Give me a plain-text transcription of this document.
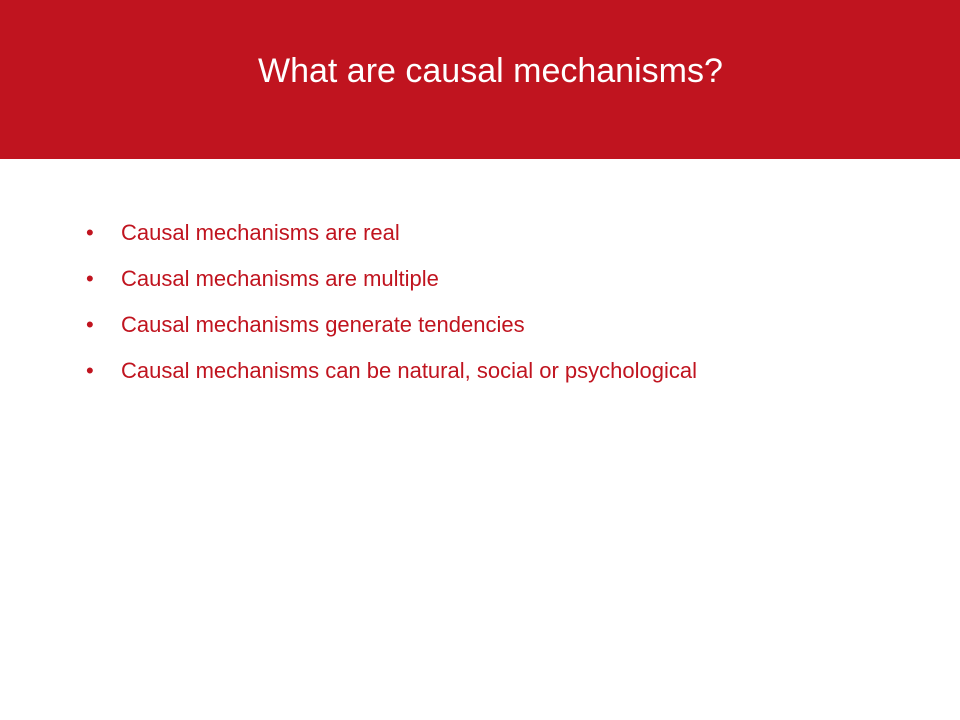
What are causal mechanisms?
•	Causal mechanisms are real
•	Causal mechanisms are multiple
•	Causal mechanisms generate tendencies
•	Causal mechanisms can be natural, social or psychological
